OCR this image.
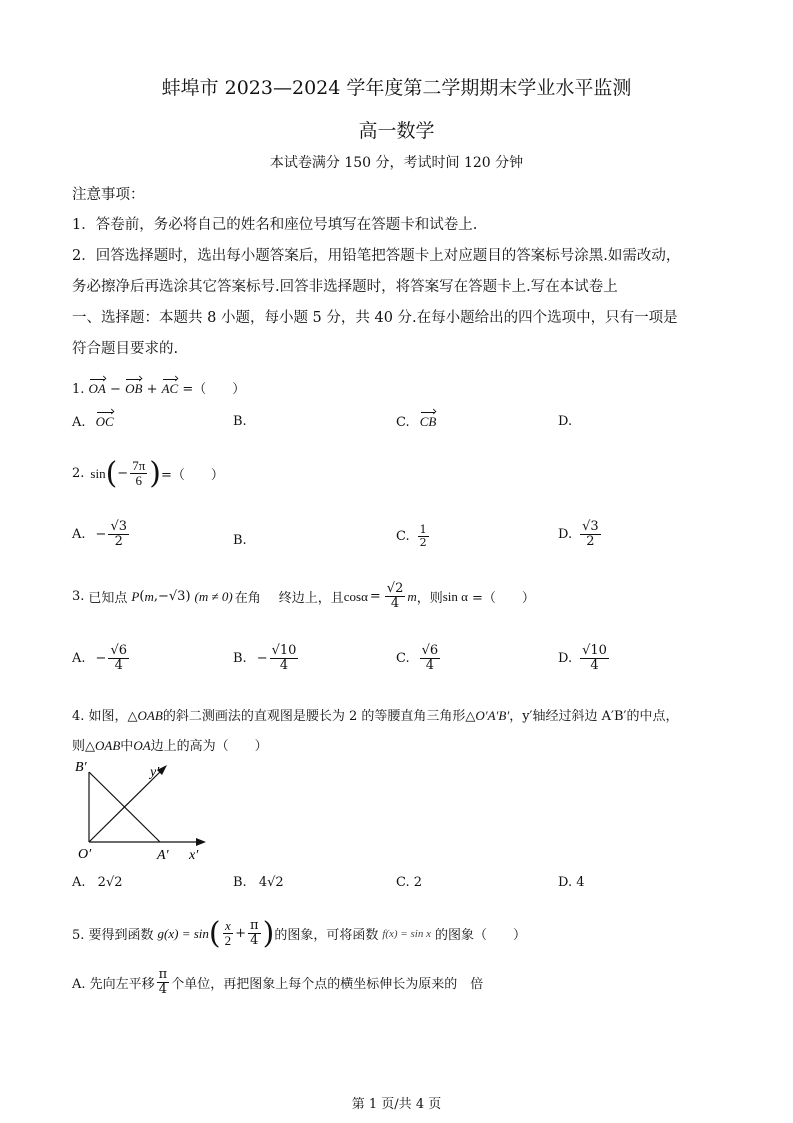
蚌埠市 2023—2024 学年度第二学期期末学业水平监测
高一数学
本试卷满分 150 分，考试时间 120 分钟
注意事项：
1．答卷前，务必将自己的姓名和座位号填写在答题卡和试卷上.
2．回答选择题时，选出每小题答案后，用铅笔把答题卡上对应题目的答案标号涂黑.如需改动，
务必擦净后再选涂其它答案标号.回答非选择题时，将答案写在答题卡上.写在本试卷上
一、选择题：本题共 8 小题，每小题 5 分，共 40 分.在每小题给出的四个选项中，只有一项是
符合题目要求的.
1. OA − OB + AC =（　　）
A. OC	B.	C. CB	D.
2. sin ( − $\frac{7\pi}{6}$ ) =（　　）
A. − $\frac{√3}{2}$	B.	C. $\frac{1}{2}$	D. $\frac{√3}{2}$
3. 已知点 P ( m ,− √3 ) (m ≠ 0) 在角 终边上，且 $\cos\alpha = \frac{√2}{4}$ m ，则 sin α =（　　）
A. − $\frac{√6}{4}$	B. − $\frac{√10}{4}$	C. $\frac{√6}{4}$	D. $\frac{√10}{4}$
4. 如图，△OAB的斜二测画法的直观图是腰长为 2 的等腰直角三角形△O′A′B′，y′轴经过斜边 A′B′的中点，
则△OAB中OA边上的高为（　　）
B′	y′
O′	A′ x′
A. 2√2	B. 4√2	C. 2	D. 4
5. 要得到函数 g(x) = sin ( $\frac{x}{2} + \frac{\pi}{4}$ ) 的图象，可将函数 f(x) = sin x 的图象（　　）
A. 先向左平移 $\frac{\pi}{4}$ 个单位，再把图象上每个点的横坐标伸长为原来的　倍
第 1 页/共 4 页
